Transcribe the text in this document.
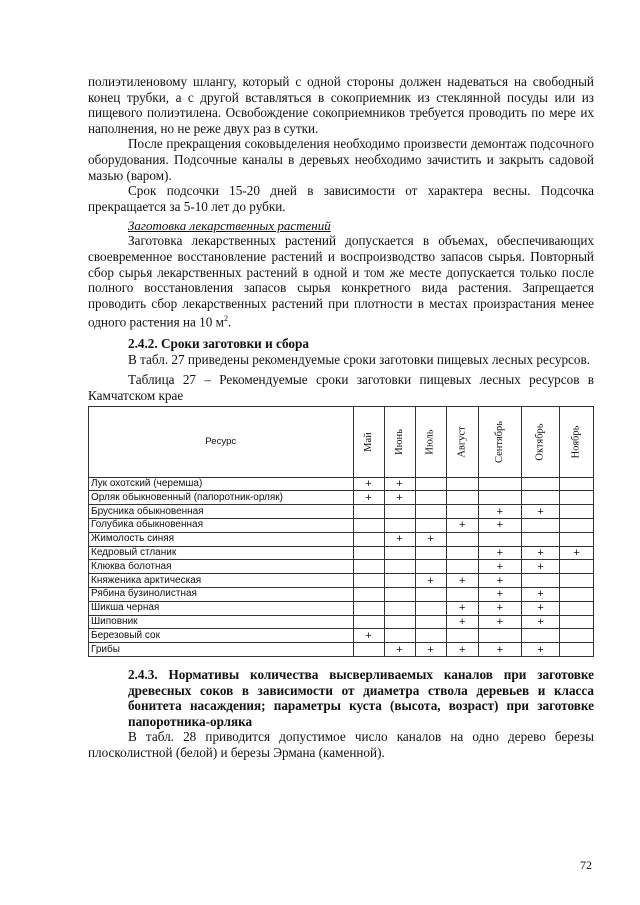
полиэтиленовому шлангу, который с одной стороны должен надеваться на свободный конец трубки, а с другой вставляться в сокоприемник из стеклянной посуды или из пищевого полиэтилена. Освобождение сокоприемников требуется проводить по мере их наполнения, но не реже двух раз в сутки.

После прекращения соковыделения необходимо произвести демонтаж подсочного оборудования. Подсочные каналы в деревьях необходимо зачистить и закрыть садовой мазью (варом).

Срок подсочки 15-20 дней в зависимости от характера весны. Подсочка прекращается за 5-10 лет до рубки.

Заготовка лекарственных растений

Заготовка лекарственных растений допускается в объемах, обеспечивающих своевременное восстановление растений и воспроизводство запасов сырья. Повторный сбор сырья лекарственных растений в одной и том же месте допускается только после полного восстановления запасов сырья конкретного вида растения. Запрещается проводить сбор лекарственных растений при плотности в местах произрастания менее одного растения на 10 $м^2$.

2.4.2. Сроки заготовки и сбора

В табл. 27 приведены рекомендуемые сроки заготовки пищевых лесных ресурсов.

Таблица 27 – Рекомендуемые сроки заготовки пищевых лесных ресурсов в Камчатском крае

Ресурс	Май	Июнь	Июль	Август	Сентябрь	Октябрь	Ноябрь
Лук охотский (черемша)	+	+					
Орляк обыкновенный (папоротник-орляк)	+	+					
Брусника обыкновенная					+	+	
Голубика обыкновенная				+	+		
Жимолость синяя		+	+				
Кедровый стланик					+	+	+
Клюква болотная					+	+	
Княженика арктическая			+	+	+		
Рябина бузинолистная					+	+	
Шикша черная				+	+	+	
Шиповник				+	+	+	
Березовый сок	+						
Грибы		+	+	+	+	+	

2.4.3. Нормативы количества высверливаемых каналов при заготовке древесных соков в зависимости от диаметра ствола деревьев и класса бонитета насаждения; параметры куста (высота, возраст) при заготовке папоротника-орляка

В табл. 28 приводится допустимое число каналов на одно дерево березы плосколистной (белой) и березы Эрмана (каменной).

72
